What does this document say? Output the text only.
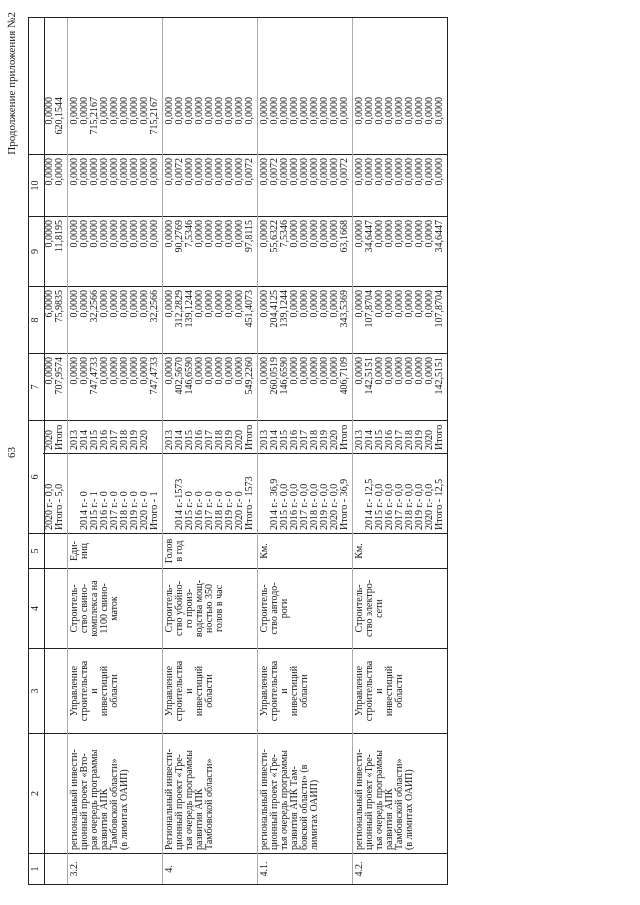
63
Продолжение приложения №2
1
2
3
4
5
6
7
8
9
10
2020 г.- 0,0 Итого - 5,0
2020 Итого
0,0000 707,9574
6,0000 75,9835
0,0000 11,8195
0,0000 0,0000
0,0000 620,1544
3.2.
региональный инвести-
ционный проект «Вто-
рая очередь программы
развития АПК
Тамбовской области»
(в лимитах ОАИП)
Управление
строительства
и
инвестиций
области
Строитель-
ство свино-
комплекса на
1100 свино-
маток
Еди-
ниц
2014 г.- 0 2015 г.- 1 2016 г.- 0 2017 г.- 0 2018 г.- 0 2019 г.- 0 2020 г.- 0 Итого - 1
2013 2014 2015 2016 2017 2018 2019 2020
0,0000 0,0000 747,4733 0,0000 0,0000 0,0000 0,0000 0,0000 747,4733
0,0000 0,0000 32,2566 0,0000 0,0000 0,0000 0,0000 0,0000 32,2566
0,0000 0,0000 0,0000 0,0000 0,0000 0,0000 0,0000 0,0000 0,0000
0,0000 0,0000 0,0000 0,0000 0,0000 0,0000 0,0000 0,0000 0,0000
0,0000 0,0000 715,2167 0,0000 0,0000 0,0000 0,0000 0,0000 715,2167
4.
Региональный инвести-
ционный проект «Тре-
тья очередь программы
развития АПК
Тамбовской области»
Управление
строительства
и
инвестиций
области
Строитель-
ство убойно-
го произ-
водства мощ-
ностью 350
голов в час
Голов
в год
2014 г.-1573 2015 г.- 0 2016 г.- 0 2017 г.- 0 2018 г.- 0 2019 г.- 0 2020 г.- 0 Итого - 1573
2013 2014 2015 2016 2017 2018 2019 2020 Итого
0,0000 402,5670 146,6590 0,0000 0,0000 0,0000 0,0000 0,0000 549,2260
0,0000 312,2829 139,1244 0,0000 0,0000 0,0000 0,0000 0,0000 451,4073
0,0000 90,2769 7,5346 0,0000 0,0000 0,0000 0,0000 0,0000 97,8115
0,0000 0,0072 0,0000 0,0000 0,0000 0,0000 0,0000 0,0000 0,0072
0,0000 0,0000 0,0000 0,0000 0,0000 0,0000 0,0000 0,0000 0,0000
4.1.
региональный инвести-
ционный проект «Тре-
тья очередь программы
развития АПК Там-
бовской области» (в
лимитах ОАИП)
Управление
строительства
и
инвестиций
области
Строитель-
ство автодо-
роги
Км.
2014 г.- 36,9 2015 г.- 0,0 2016 г.- 0,0 2017 г.- 0,0 2018 г.- 0,0 2019 г.- 0,0 2020 г.- 0,0 Итого - 36,9
2013 2014 2015 2016 2017 2018 2019 2020 Итого
0,0000 260,0519 146,6590 0,0000 0,0000 0,0000 0,0000 0,0000 406,7109
0,0000 204,4125 139,1244 0,0000 0,0000 0,0000 0,0000 0,0000 343,5369
0,0000 55,6322 7,5346 0,0000 0,0000 0,0000 0,0000 0,0000 63,1668
0,0000 0,0072 0,0000 0,0000 0,0000 0,0000 0,0000 0,0000 0,0072
0,0000 0,0000 0,0000 0,0000 0,0000 0,0000 0,0000 0,0000 0,0000
4.2.
региональный инвести-
ционный проект «Тре-
тья очередь программы
развития АПК
Тамбовской области»
(в лимитах ОАИП)
Управление
строительства
и
инвестиций
области
Строитель-
ство электро-
сети
Км.
2014 г.- 12,5 2015 г.- 0,0 2016 г.- 0,0 2017 г.- 0,0 2018 г.- 0,0 2019 г.- 0,0 2020 г.- 0,0 Итого - 12,5
2013 2014 2015 2016 2017 2018 2019 2020 Итого
0,0000 142,5151 0,0000 0,0000 0,0000 0,0000 0,0000 0,0000 142,5151
0,0000 107,8704 0,0000 0,0000 0,0000 0,0000 0,0000 0,0000 107,8704
0,0000 34,6447 0,0000 0,0000 0,0000 0,0000 0,0000 0,0000 34,6447
0,0000 0,0000 0,0000 0,0000 0,0000 0,0000 0,0000 0,0000 0,0000
0,0000 0,0000 0,0000 0,0000 0,0000 0,0000 0,0000 0,0000 0,0000
